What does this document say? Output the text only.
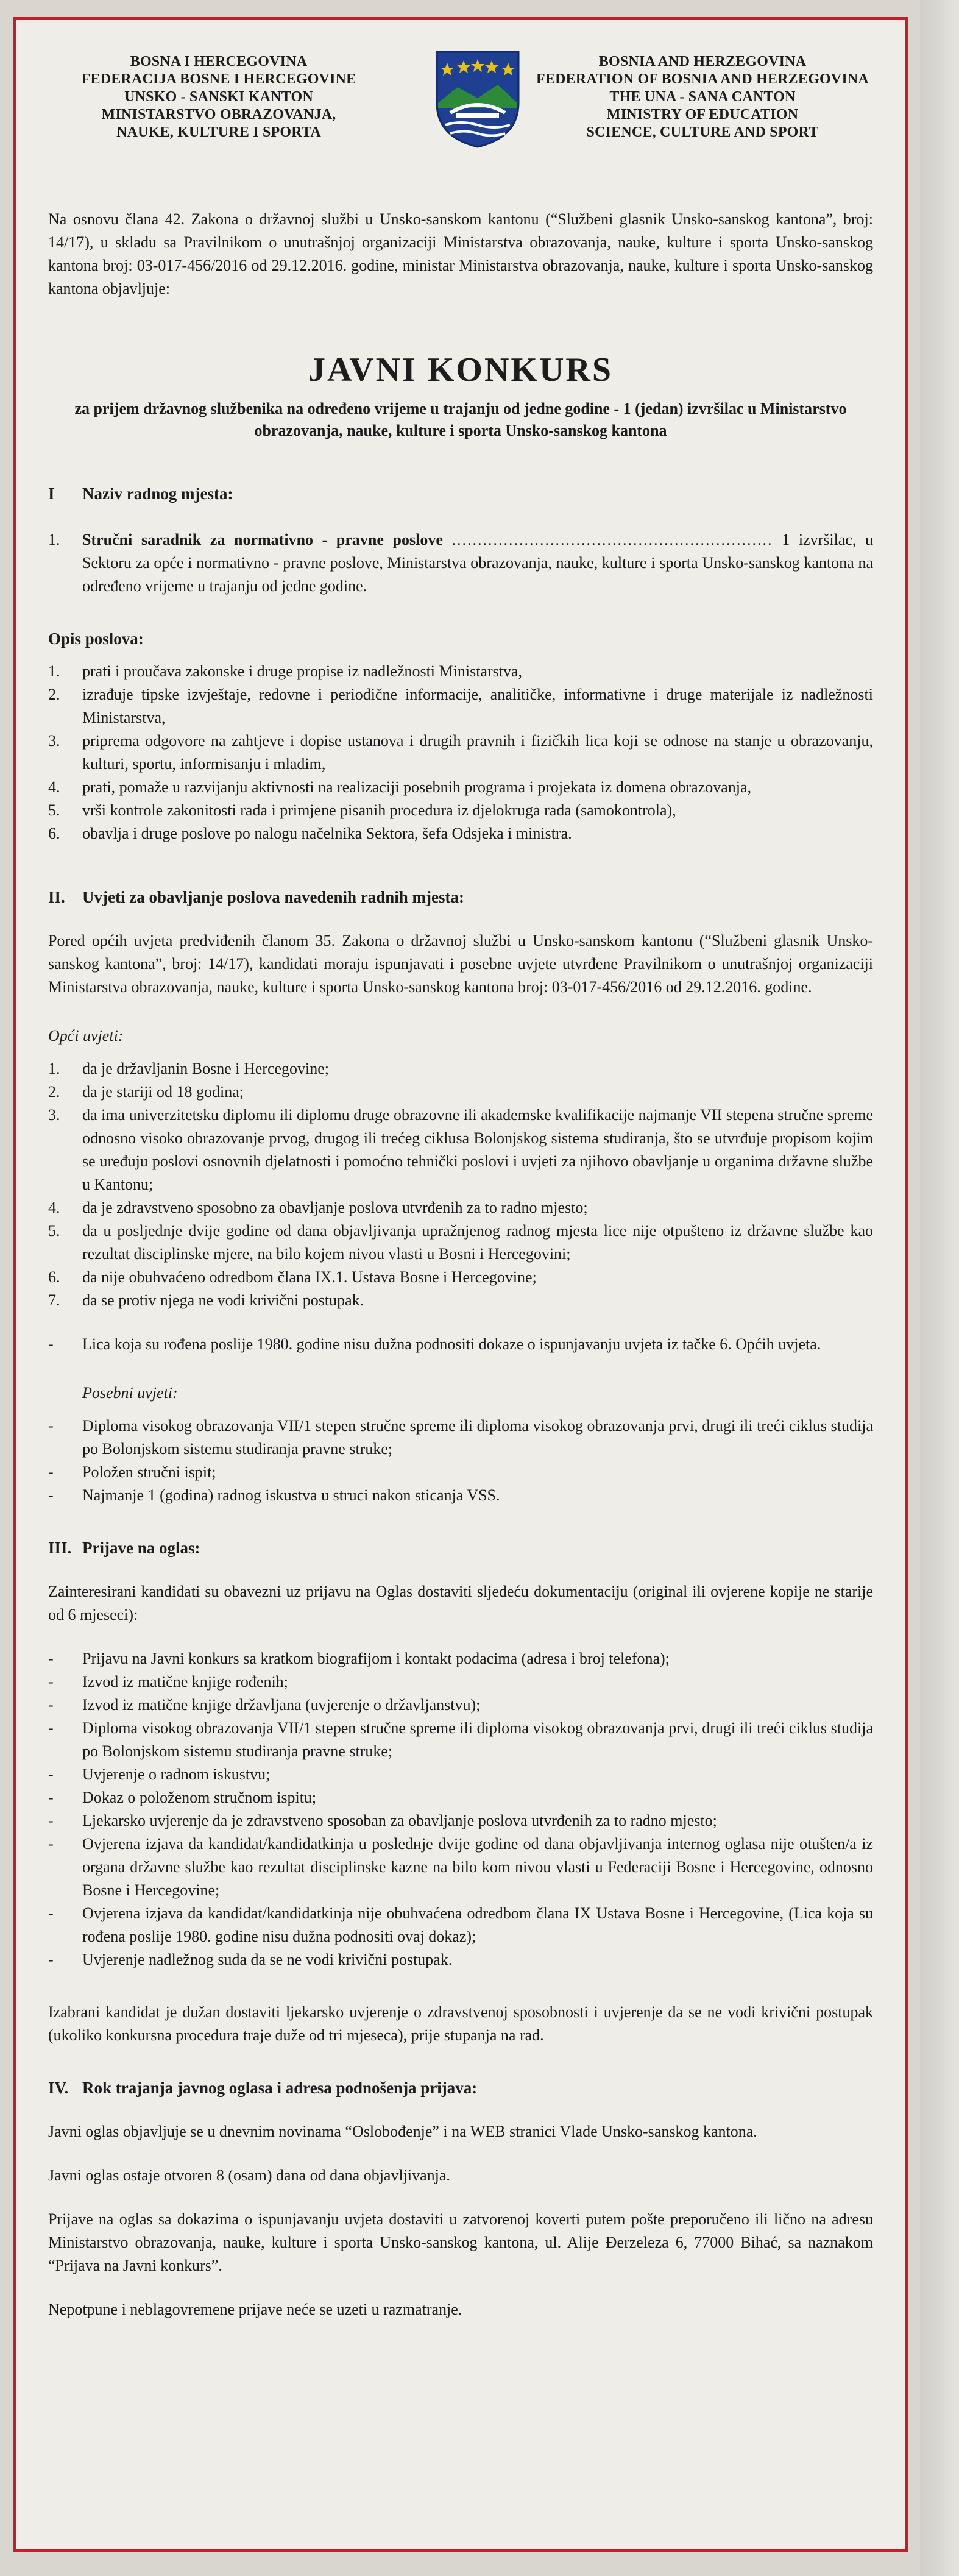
BOSNA I HERCEGOVINA
FEDERACIJA BOSNE I HERCEGOVINE
UNSKO - SANSKI KANTON
MINISTARSTVO OBRAZOVANJA,
NAUKE, KULTURE I SPORTA
BOSNIA AND HERZEGOVINA
FEDERATION OF BOSNIA AND HERZEGOVINA
THE UNA - SANA CANTON
MINISTRY OF EDUCATION
SCIENCE, CULTURE AND SPORT

Na osnovu člana 42. Zakona o državnoj službi u Unsko-sanskom kantonu (“Službeni glasnik Unsko-sanskog kantona”, broj: 14/17), u skladu sa Pravilnikom o unutrašnjoj organizaciji Ministarstva obrazovanja, nauke, kulture i sporta Unsko-sanskog kantona broj: 03-017-456/2016 od 29.12.2016. godine, ministar Ministarstva obrazovanja, nauke, kulture i sporta Unsko-sanskog kantona objavljuje:

JAVNI KONKURS
za prijem državnog službenika na određeno vrijeme u trajanju od jedne godine - 1 (jedan) izvršilac u Ministarstvo obrazovanja, nauke, kulture i sporta Unsko-sanskog kantona
I Naziv radnog mjesta:
1.	Stručni saradnik za normativno - pravne poslove .............................................................. 1 izvršilac, u Sektoru za opće i normativno - pravne poslove, Ministarstva obrazovanja, nauke, kulture i sporta Unsko-sanskog kantona na određeno vrijeme u trajanju od jedne godine.
Opis poslova:
1.	prati i proučava zakonske i druge propise iz nadležnosti Ministarstva,
2.	izrađuje tipske izvještaje, redovne i periodične informacije, analitičke, informativne i druge materijale iz nadležnosti Ministarstva,
3.	priprema odgovore na zahtjeve i dopise ustanova i drugih pravnih i fizičkih lica koji se odnose na stanje u obrazovanju, kulturi, sportu, informisanju i mladim,
4.	prati, pomaže u razvijanju aktivnosti na realizaciji posebnih programa i projekata iz domena obrazovanja,
5.	vrši kontrole zakonitosti rada i primjene pisanih procedura iz djelokruga rada (samokontrola),
6.	obavlja i druge poslove po nalogu načelnika Sektora, šefa Odsjeka i ministra.
II. Uvjeti za obavljanje poslova navedenih radnih mjesta:

Pored općih uvjeta predviđenih članom 35. Zakona o državnoj službi u Unsko-sanskom kantonu (“Službeni glasnik Unsko-sanskog kantona”, broj: 14/17), kandidati moraju ispunjavati i posebne uvjete utvrđene Pravilnikom o unutrašnjoj organizaciji Ministarstva obrazovanja, nauke, kulture i sporta Unsko-sanskog kantona broj: 03-017-456/2016 od 29.12.2016. godine.

Opći uvjeti:
1.	da je državljanin Bosne i Hercegovine;
2.	da je stariji od 18 godina;
3.	da ima univerzitetsku diplomu ili diplomu druge obrazovne ili akademske kvalifikacije najmanje VII stepena stručne spreme odnosno visoko obrazovanje prvog, drugog ili trećeg ciklusa Bolonjskog sistema studiranja, što se utvrđuje propisom kojim se uređuju poslovi osnovnih djelatnosti i pomoćno tehnički poslovi i uvjeti za njihovo obavljanje u organima državne službe u Kantonu;
4.	da je zdravstveno sposobno za obavljanje poslova utvrđenih za to radno mjesto;
5.	da u posljednje dvije godine od dana objavljivanja upražnjenog radnog mjesta lice nije otpušteno iz državne službe kao rezultat disciplinske mjere, na bilo kojem nivou vlasti u Bosni i Hercegovini;
6.	da nije obuhvaćeno odredbom člana IX.1. Ustava Bosne i Hercegovine;
7.	da se protiv njega ne vodi krivični postupak.
-	Lica koja su rođena poslije 1980. godine nisu dužna podnositi dokaze o ispunjavanju uvjeta iz tačke 6. Općih uvjeta.
Posebni uvjeti:
-	Diploma visokog obrazovanja VII/1 stepen stručne spreme ili diploma visokog obrazovanja prvi, drugi ili treći ciklus studija po Bolonjskom sistemu studiranja pravne struke;
-	Položen stručni ispit;
-	Najmanje 1 (godina) radnog iskustva u struci nakon sticanja VSS.
III. Prijave na oglas:

Zainteresirani kandidati su obavezni uz prijavu na Oglas dostaviti sljedeću dokumentaciju (original ili ovjerene kopije ne starije od 6 mjeseci):

-	Prijavu na Javni konkurs sa kratkom biografijom i kontakt podacima (adresa i broj telefona);
-	Izvod iz matične knjige rođenih;
-	Izvod iz matične knjige državljana (uvjerenje o državljanstvu);
-	Diploma visokog obrazovanja VII/1 stepen stručne spreme ili diploma visokog obrazovanja prvi, drugi ili treći ciklus studija po Bolonjskom sistemu studiranja pravne struke;
-	Uvjerenje o radnom iskustvu;
-	Dokaz o položenom stručnom ispitu;
-	Ljekarsko uvjerenje da je zdravstveno sposoban za obavljanje poslova utvrđenih za to radno mjesto;
-	Ovjerena izjava da kandidat/kandidatkinja u posledнje dvije godine od dana objavljivanja internog oglasa nije otušten/a iz organa državne službe kao rezultat disciplinske kazne na bilo kom nivou vlasti u Federaciji Bosne i Hercegovine, odnosno Bosne i Hercegovine;
-	Ovjerena izjava da kandidat/kandidatkinja nije obuhvaćena odredbom člana IX Ustava Bosne i Hercegovine, (Lica koja su rođena poslije 1980. godine nisu dužna podnositi ovaj dokaz);
-	Uvjerenje nadležnog suda da se ne vodi krivični postupak.

Izabrani kandidat je dužan dostaviti ljekarsko uvjerenje o zdravstvenoj sposobnosti i uvjerenje da se ne vodi krivični postupak (ukoliko konkursna procedura traje duže od tri mjeseca), prije stupanja na rad.

IV. Rok trajanja javnog oglasa i adresa podnošenja prijava:

Javni oglas objavljuje se u dnevnim novinama “Oslobođenje” i na WEB stranici Vlade Unsko-sanskog kantona.

Javni oglas ostaje otvoren 8 (osam) dana od dana objavljivanja.

Prijave na oglas sa dokazima o ispunjavanju uvjeta dostaviti u zatvorenoj koverti putem pošte preporučeno ili lično na adresu Ministarstvo obrazovanja, nauke, kulture i sporta Unsko-sanskog kantona, ul. Alije Đerzeleza 6, 77000 Bihać, sa naznakom “Prijava na Javni konkurs”.

Nepotpune i neblagovremene prijave neće se uzeti u razmatranje.
